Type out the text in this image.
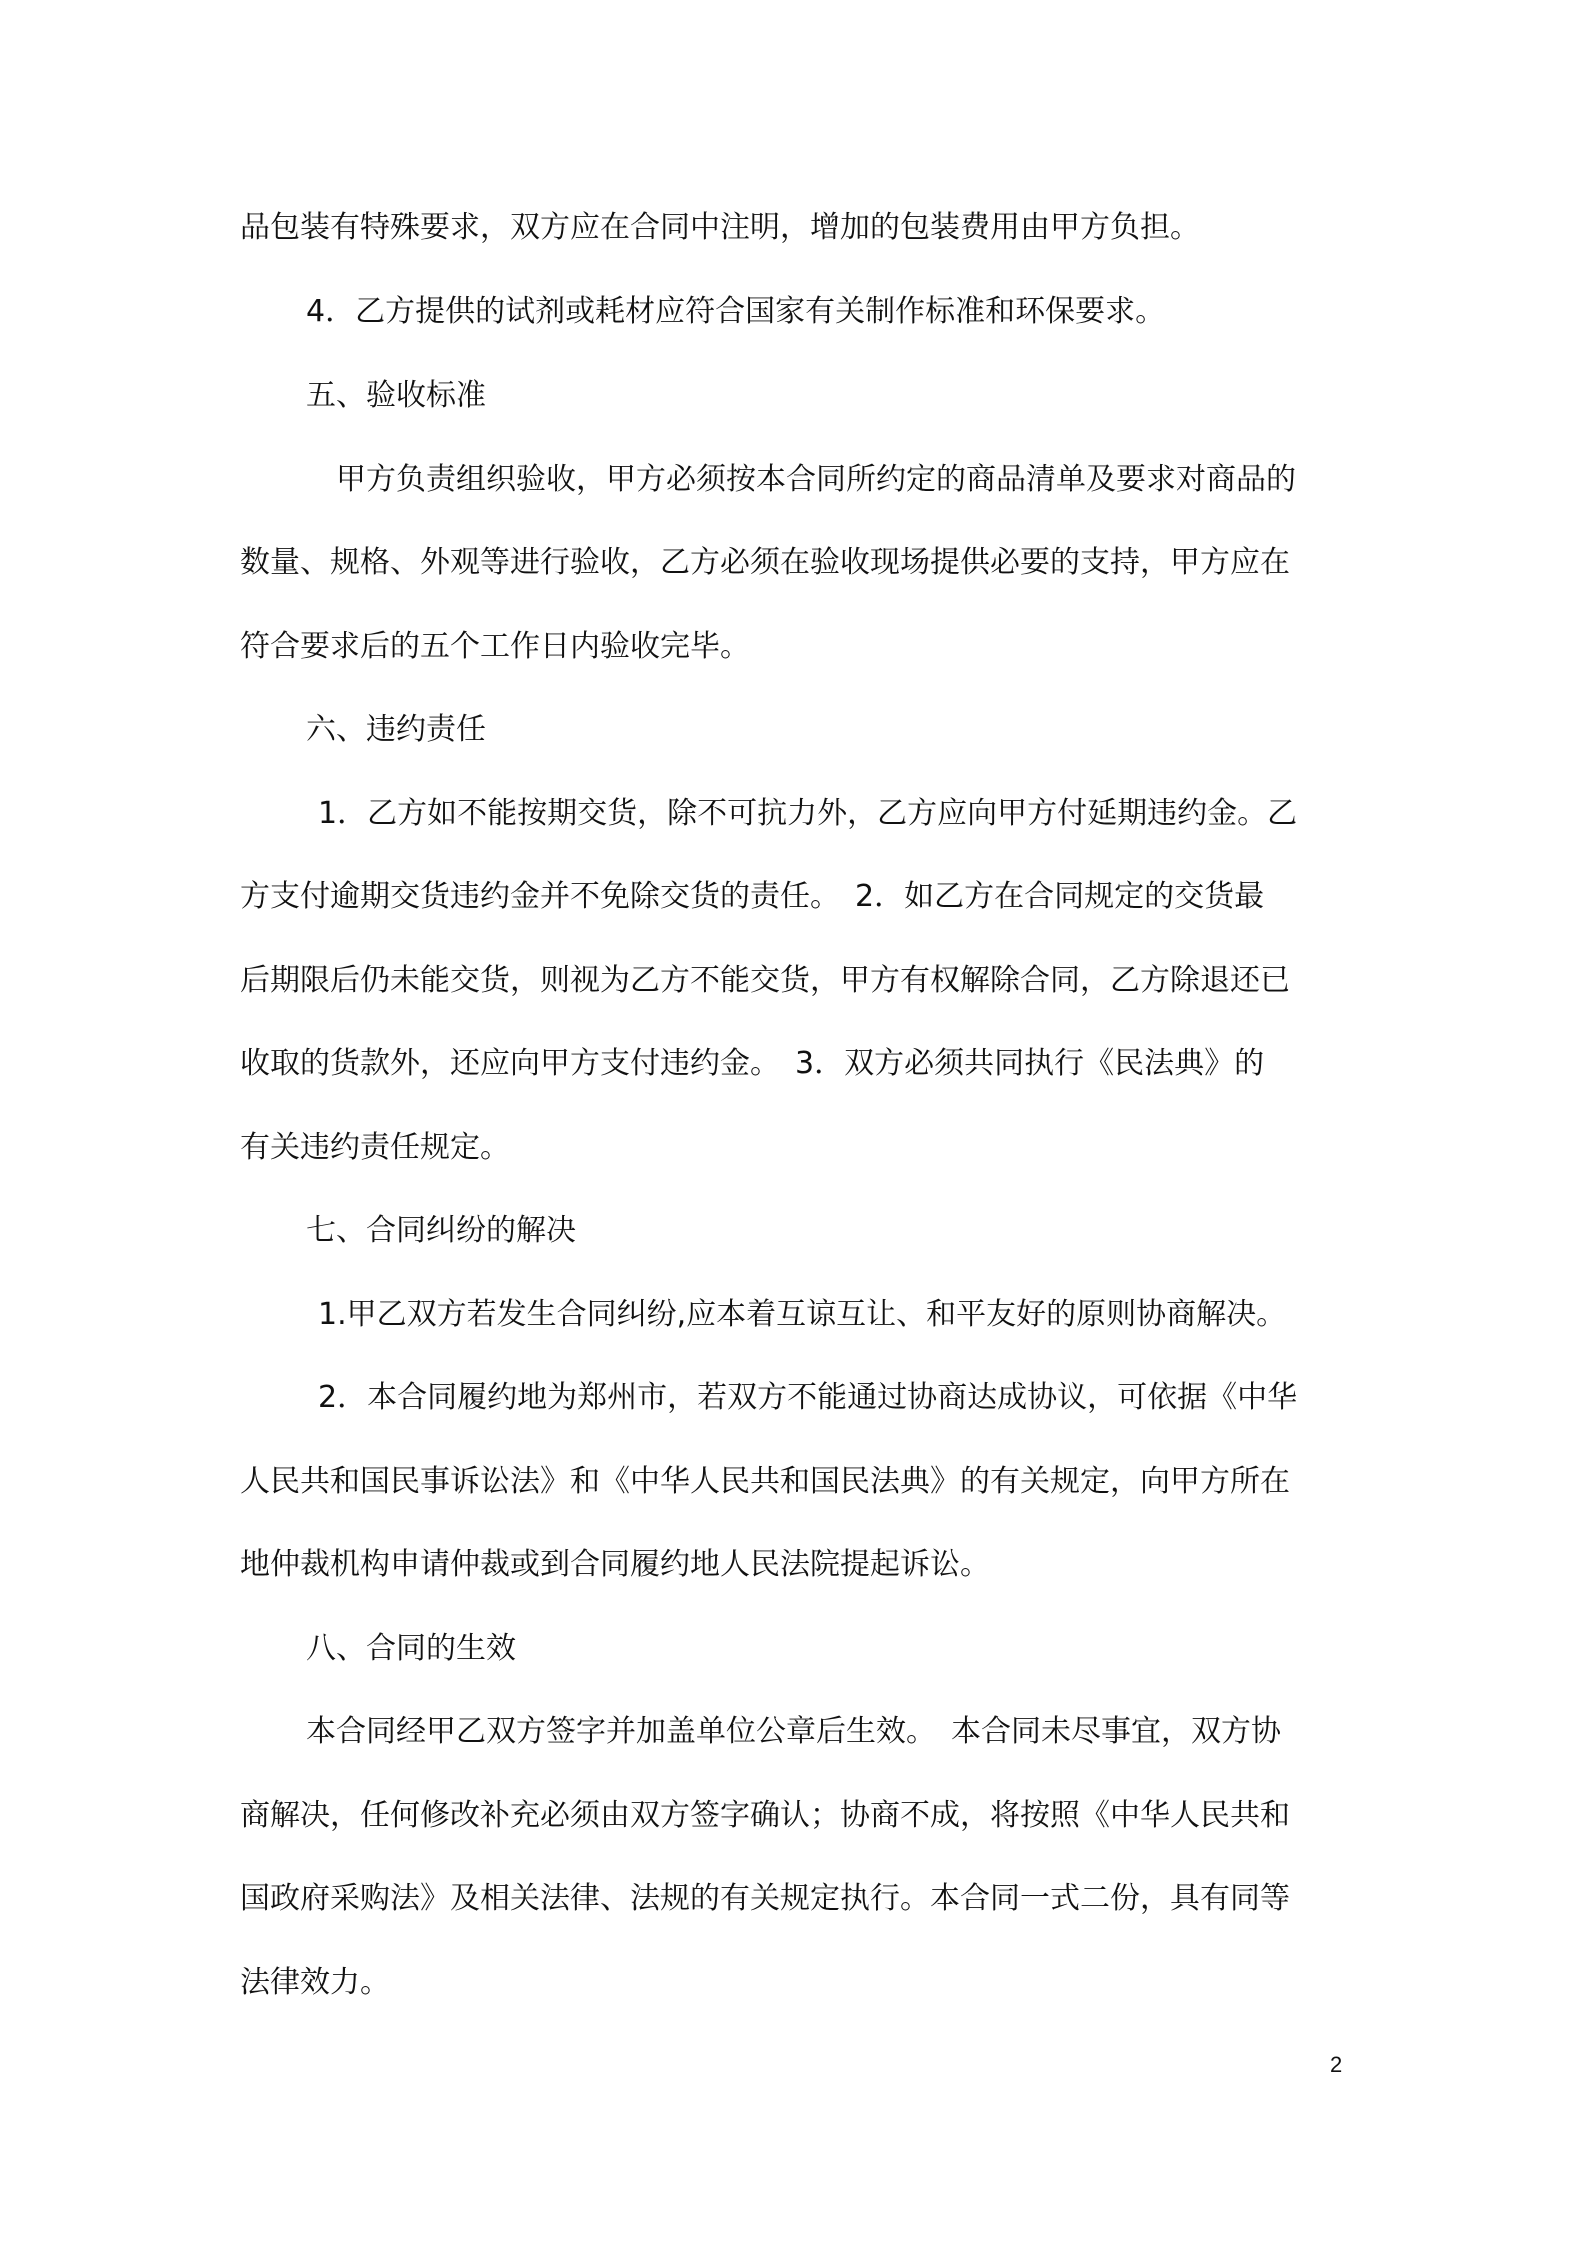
品包装有特殊要求，双方应在合同中注明，增加的包装费用由甲方负担。

4．乙方提供的试剂或耗材应符合国家有关制作标准和环保要求。

五、验收标准

甲方负责组织验收，甲方必须按本合同所约定的商品清单及要求对商品的

数量、规格、外观等进行验收，乙方必须在验收现场提供必要的支持，甲方应在

符合要求后的五个工作日内验收完毕。

六、违约责任

1．乙方如不能按期交货，除不可抗力外，乙方应向甲方付延期违约金。乙

方支付逾期交货违约金并不免除交货的责任。　2．如乙方在合同规定的交货最

后期限后仍未能交货，则视为乙方不能交货，甲方有权解除合同，乙方除退还已

收取的货款外，还应向甲方支付违约金。　3．双方必须共同执行《民法典》的

有关违约责任规定。

七、合同纠纷的解决

1.甲乙双方若发生合同纠纷,应本着互谅互让、和平友好的原则协商解决。

2．本合同履约地为郑州市，若双方不能通过协商达成协议，可依据《中华

人民共和国民事诉讼法》和《中华人民共和国民法典》的有关规定，向甲方所在

地仲裁机构申请仲裁或到合同履约地人民法院提起诉讼。

八、合同的生效

本合同经甲乙双方签字并加盖单位公章后生效。　本合同未尽事宜，双方协

商解决，任何修改补充必须由双方签字确认；协商不成，将按照《中华人民共和

国政府采购法》及相关法律、法规的有关规定执行。本合同一式二份，具有同等

法律效力。

2
